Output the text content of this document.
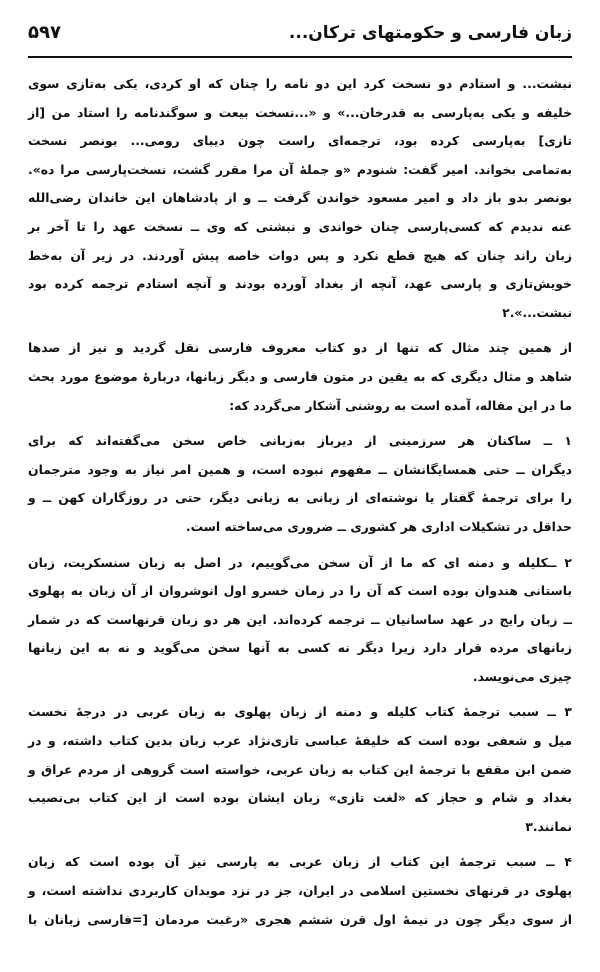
زبان فارسی و حکومتهای ترکان...
۵۹۷
نبشت... و استادم دو نسخت کرد این دو نامه را چنان که او کردی، یکی به‌تازی سوی
خلیفه و یکی به‌پارسی به قدرخان...» و «...نسخت بیعت و سوگندنامه را استاد من [از
تازی] به‌پارسی کرده بود، ترجمه‌ای راست چون دیبای رومی... بونصر نسخت
به‌تمامی بخواند. امیر گفت: شنودم «و جملهٔ آن مرا مقرر گشت، نسخت‌پارسی مرا ده».
بونصر بدو باز داد و امیر مسعود خواندن گرفت ــ و از پادشاهان این خاندان رضی‌الله
عنه ندیدم که کسی‌پارسی چنان خواندی و نبشتی که وی ــ نسخت عهد را تا آخر بر
زبان راند چنان که هیچ قطع نکرد و پس دوات خاصه پیش آوردند. در زیر آن به‌خط
خویش‌تازی و پارسی عهد، آنچه از بغداد آورده بودند و آنچه استادم ترجمه کرده بود
نبشت...».۲
از همین چند مثال که تنها از دو کتاب معروف فارسی نقل گردید و نیز از صدها
شاهد و مثال دیگری که به یقین در متون فارسی و دیگر زبانها، دربارهٔ موضوع مورد بحث
ما در این مقاله، آمده است به روشنی آشکار می‌گردد که:
۱ ــ ساکنان هر سرزمینی از دیرباز به‌زبانی خاص سخن می‌گفته‌اند که برای
دیگران ــ حتی همسایگانشان ــ مفهوم نبوده است، و همین امر نیاز به وجود مترجمان
را برای ترجمهٔ گفتار یا نوشته‌ای از زبانی به زبانی دیگر، حتی در روزگاران کهن ــ و
حداقل در تشکیلات اداری هر کشوری ــ ضروری می‌ساخته است.
۲ ــکلیله و دمنه ای که ما از آن سخن می‌گوییم، در اصل به زبان سنسکریت، زبان
باستانی هندوان بوده است که آن را در زمان خسرو اول انوشروان از آن زبان به پهلوی
ــ زبان رایج در عهد ساسانیان ــ ترجمه کرده‌اند. این هر دو زبان قرنهاست که در شمار
زبانهای مرده قرار دارد زیرا دیگر نه کسی به آنها سخن می‌گوید و نه به این زبانها
چیزی می‌نویسد.
۳ ــ سبب ترجمهٔ کتاب کلیله و دمنه از زبان پهلوی به زبان عربی در درجهٔ نخست
میل و شعفی بوده است که خلیفهٔ عباسی تازی‌نژاد عرب زبان بدین کتاب داشته، و در
ضمن ابن مقفع با ترجمهٔ این کتاب به زبان عربی، خواسته است گروهی از مردم عراق و
بغداد و شام و حجاز که «لغت تازی» زبان ایشان بوده است از این کتاب بی‌نصیب
نمانند.۳
۴ ــ سبب ترجمهٔ این کتاب از زبان عربی به پارسی نیز آن بوده است که زبان
پهلوی در قرنهای نخستین اسلامی در ایران، جز در نزد موبدان کاربردی نداشته است، و
از سوی دیگر چون در نیمهٔ اول قرن ششم هجری «رغبت مردمان [=فارسی زبانان با
